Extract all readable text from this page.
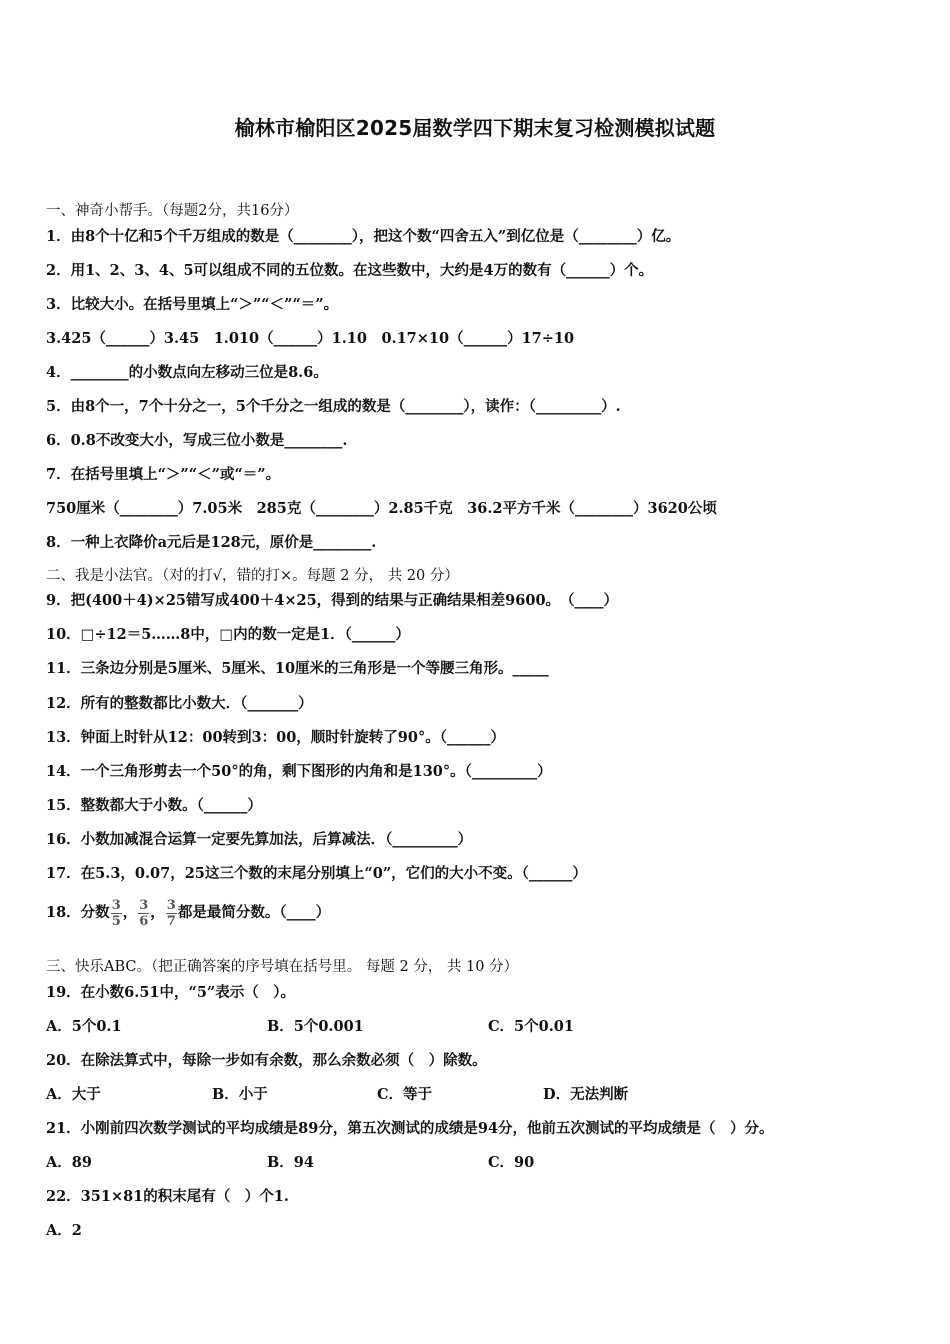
榆林市榆阳区2025届数学四下期末复习检测模拟试题
一、神奇小帮手。（每题2分，共16分）
1．由8个十亿和5个千万组成的数是（________），把这个数“四舍五入”到亿位是（________）亿。
2．用1、2、3、4、5可以组成不同的五位数。在这些数中，大约是4万的数有（______）个。
3．比较大小。在括号里填上“＞”“＜”“＝”。
3.425（______）3.45　1.010（______）1.10　0.17×10（______）17÷10
4．________的小数点向左移动三位是8.6。
5．由8个一，7个十分之一，5个千分之一组成的数是（________），读作：（_________）.
6．0.8不改变大小，写成三位小数是________.
7．在括号里填上“＞”“＜”或“＝”。
750厘米（________）7.05米　285克（________）2.85千克　36.2平方千米（________）3620公顷
8．一种上衣降价a元后是128元，原价是________.
二、我是小法官。（对的打√，错的打×。每题 2 分， 共 20 分）
9．把(400＋4)×25错写成400＋4×25，得到的结果与正确结果相差9600。　（____）
10．□÷12＝5……8中，□内的数一定是1．（______）
11．三条边分别是5厘米、5厘米、10厘米的三角形是一个等腰三角形。_____
12．所有的整数都比小数大．（_______）
13．钟面上时针从12：00转到3：00，顺时针旋转了90°。（______）
14．一个三角形剪去一个50°的角，剩下图形的内角和是130°。（_________）
15．整数都大于小数。（______）
16．小数加减混合运算一定要先算加法，后算减法．（_________）
17．在5.3，0.07，25这三个数的末尾分别填上“0”，它们的大小不变。（______）
18．分数 $\frac{3}{5}$ ， $\frac{3}{6}$ ， $\frac{3}{7}$ 都是最简分数。（____）
三、快乐ABC。（把正确答案的序号填在括号里。 每题 2 分， 共 10 分）
19．在小数6.51中，“5”表示（　）。
A．5个0.1	B．5个0.001	C．5个0.01
20．在除法算式中，每除一步如有余数，那么余数必须（　）除数。
A．大于	B．小于	C．等于	D．无法判断
21．小刚前四次数学测试的平均成绩是89分，第五次测试的成绩是94分，他前五次测试的平均成绩是（　）分。
A．89	B．94	C．90
22．351×81的积末尾有（　）个1.
A．2
